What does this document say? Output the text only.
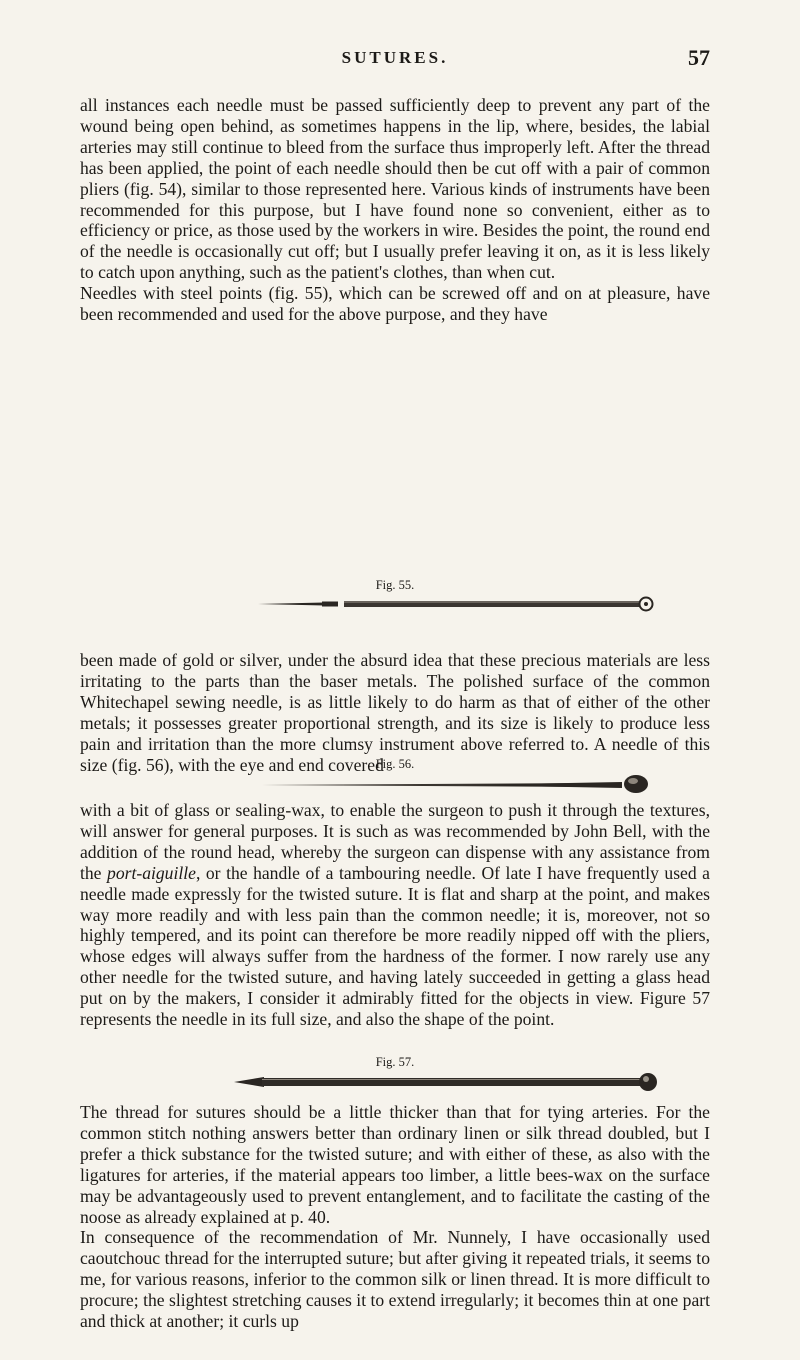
SUTURES.	57

all instances each needle must be passed sufficiently deep to prevent any part of the wound being open behind, as sometimes happens in the lip, where, besides, the labial arteries may still continue to bleed from the surface thus improperly left. After the thread has been applied, the point of each needle should then be cut off with a pair of common pliers (fig. 54), similar to those represented here. Various kinds of instruments have been recommended for this purpose, but I have found none so convenient, either as to efficiency or price, as those used by the workers in wire. Besides the point, the round end of the needle is occasionally cut off; but I usually prefer leaving it on, as it is less likely to catch upon anything, such as the patient's clothes, than when cut.

Needles with steel points (fig. 55), which can be screwed off and on at pleasure, have been recommended and used for the above purpose, and they have

Fig. 55.

been made of gold or silver, under the absurd idea that these precious materials are less irritating to the parts than the baser metals. The polished surface of the common Whitechapel sewing needle, is as little likely to do harm as that of either of the other metals; it possesses greater proportional strength, and its size is likely to produce less pain and irritation than the more clumsy instrument above referred to. A needle of this size (fig. 56), with the eye and end covered

Fig. 56.

with a bit of glass or sealing-wax, to enable the surgeon to push it through the textures, will answer for general purposes. It is such as was recommended by John Bell, with the addition of the round head, whereby the surgeon can dispense with any assistance from the port-aiguille, or the handle of a tambouring needle. Of late I have frequently used a needle made expressly for the twisted suture. It is flat and sharp at the point, and makes way more readily and with less pain than the common needle; it is, moreover, not so highly tempered, and its point can therefore be more readily nipped off with the pliers, whose edges will always suffer from the hardness of the former. I now rarely use any other needle for the twisted suture, and having lately succeeded in getting a glass head put on by the makers, I consider it admirably fitted for the objects in view. Figure 57 represents the needle in its full size, and also the shape of the point.

Fig. 57.

The thread for sutures should be a little thicker than that for tying arteries. For the common stitch nothing answers better than ordinary linen or silk thread doubled, but I prefer a thick substance for the twisted suture; and with either of these, as also with the ligatures for arteries, if the material appears too limber, a little bees-wax on the surface may be advantageously used to prevent entanglement, and to facilitate the casting of the noose as already explained at p. 40.

In consequence of the recommendation of Mr. Nunnely, I have occasionally used caoutchouc thread for the interrupted suture; but after giving it repeated trials, it seems to me, for various reasons, inferior to the common silk or linen thread. It is more difficult to procure; the slightest stretching causes it to extend irregularly; it becomes thin at one part and thick at another; it curls up
